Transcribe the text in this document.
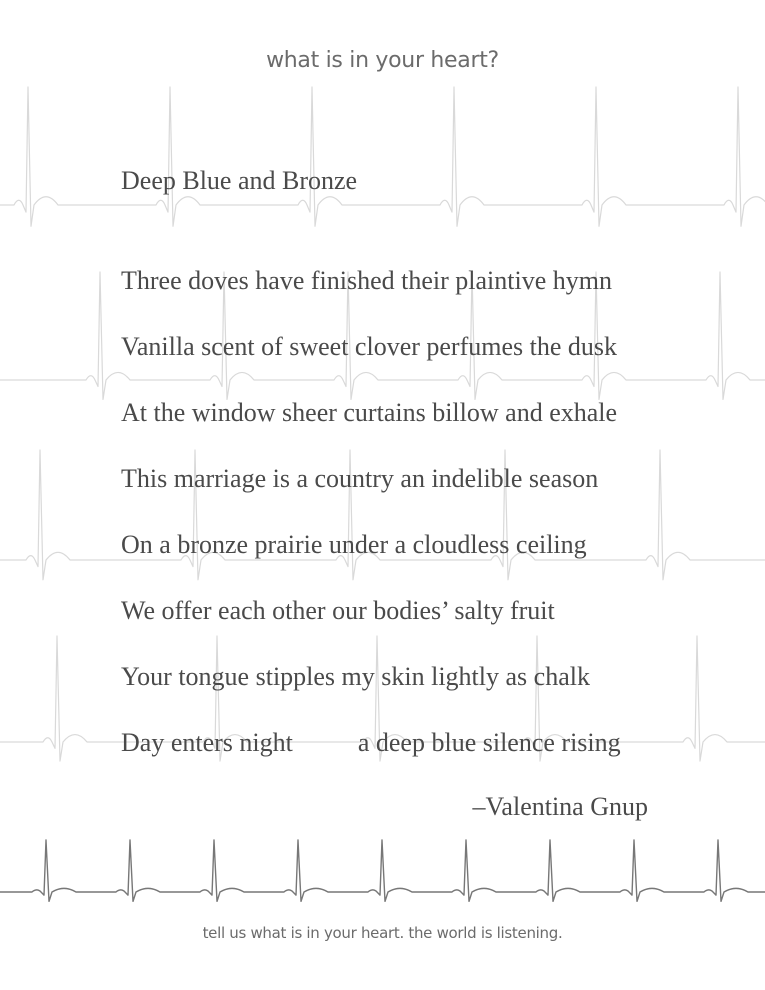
what is in your heart?
Deep Blue and Bronze
Three doves have finished their plaintive hymn
Vanilla scent of sweet clover perfumes the dusk
At the window sheer curtains billow and exhale
This marriage is a country an indelible season
On a bronze prairie under a cloudless ceiling
We offer each other our bodies’ salty fruit
Your tongue stipples my skin lightly as chalk
Day enters night          a deep blue silence rising
–Valentina Gnup
tell us what is in your heart. the world is listening.
